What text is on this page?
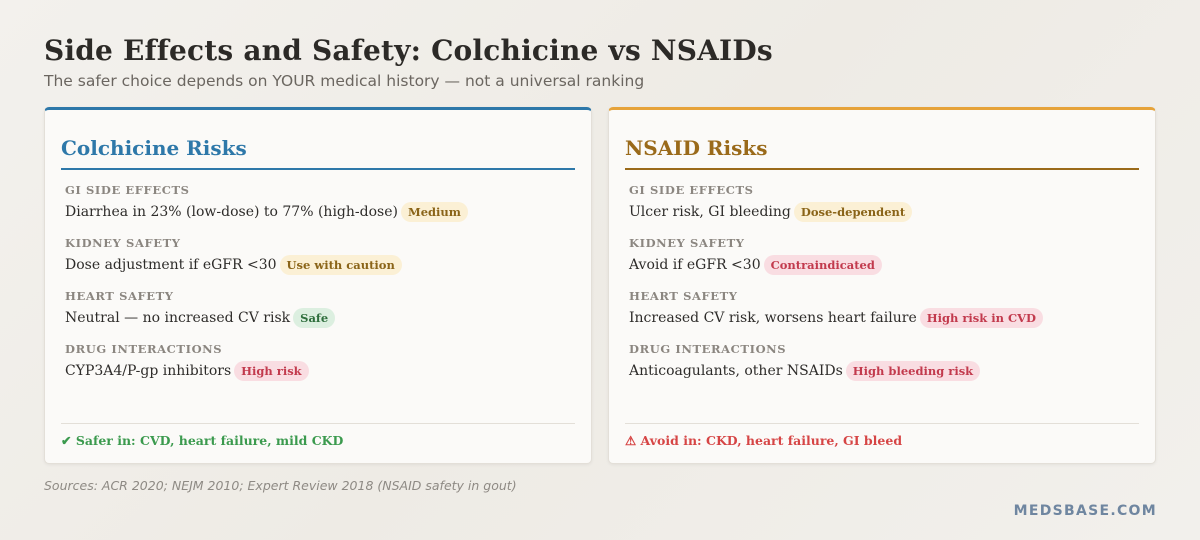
Side Effects and Safety: Colchicine vs NSAIDs
The safer choice depends on YOUR medical history — not a universal ranking
Colchicine Risks
GI SIDE EFFECTS
Diarrhea in 23% (low-dose) to 77% (high-dose) Medium
KIDNEY SAFETY
Dose adjustment if eGFR <30 Use with caution
HEART SAFETY
Neutral — no increased CV risk Safe
DRUG INTERACTIONS
CYP3A4/P-gp inhibitors High risk
✔ Safer in: CVD, heart failure, mild CKD
NSAID Risks
GI SIDE EFFECTS
Ulcer risk, GI bleeding Dose-dependent
KIDNEY SAFETY
Avoid if eGFR <30 Contraindicated
HEART SAFETY
Increased CV risk, worsens heart failure High risk in CVD
DRUG INTERACTIONS
Anticoagulants, other NSAIDs High bleeding risk
⚠ Avoid in: CKD, heart failure, GI bleed
Sources: ACR 2020; NEJM 2010; Expert Review 2018 (NSAID safety in gout)
MEDSBASE.COM
